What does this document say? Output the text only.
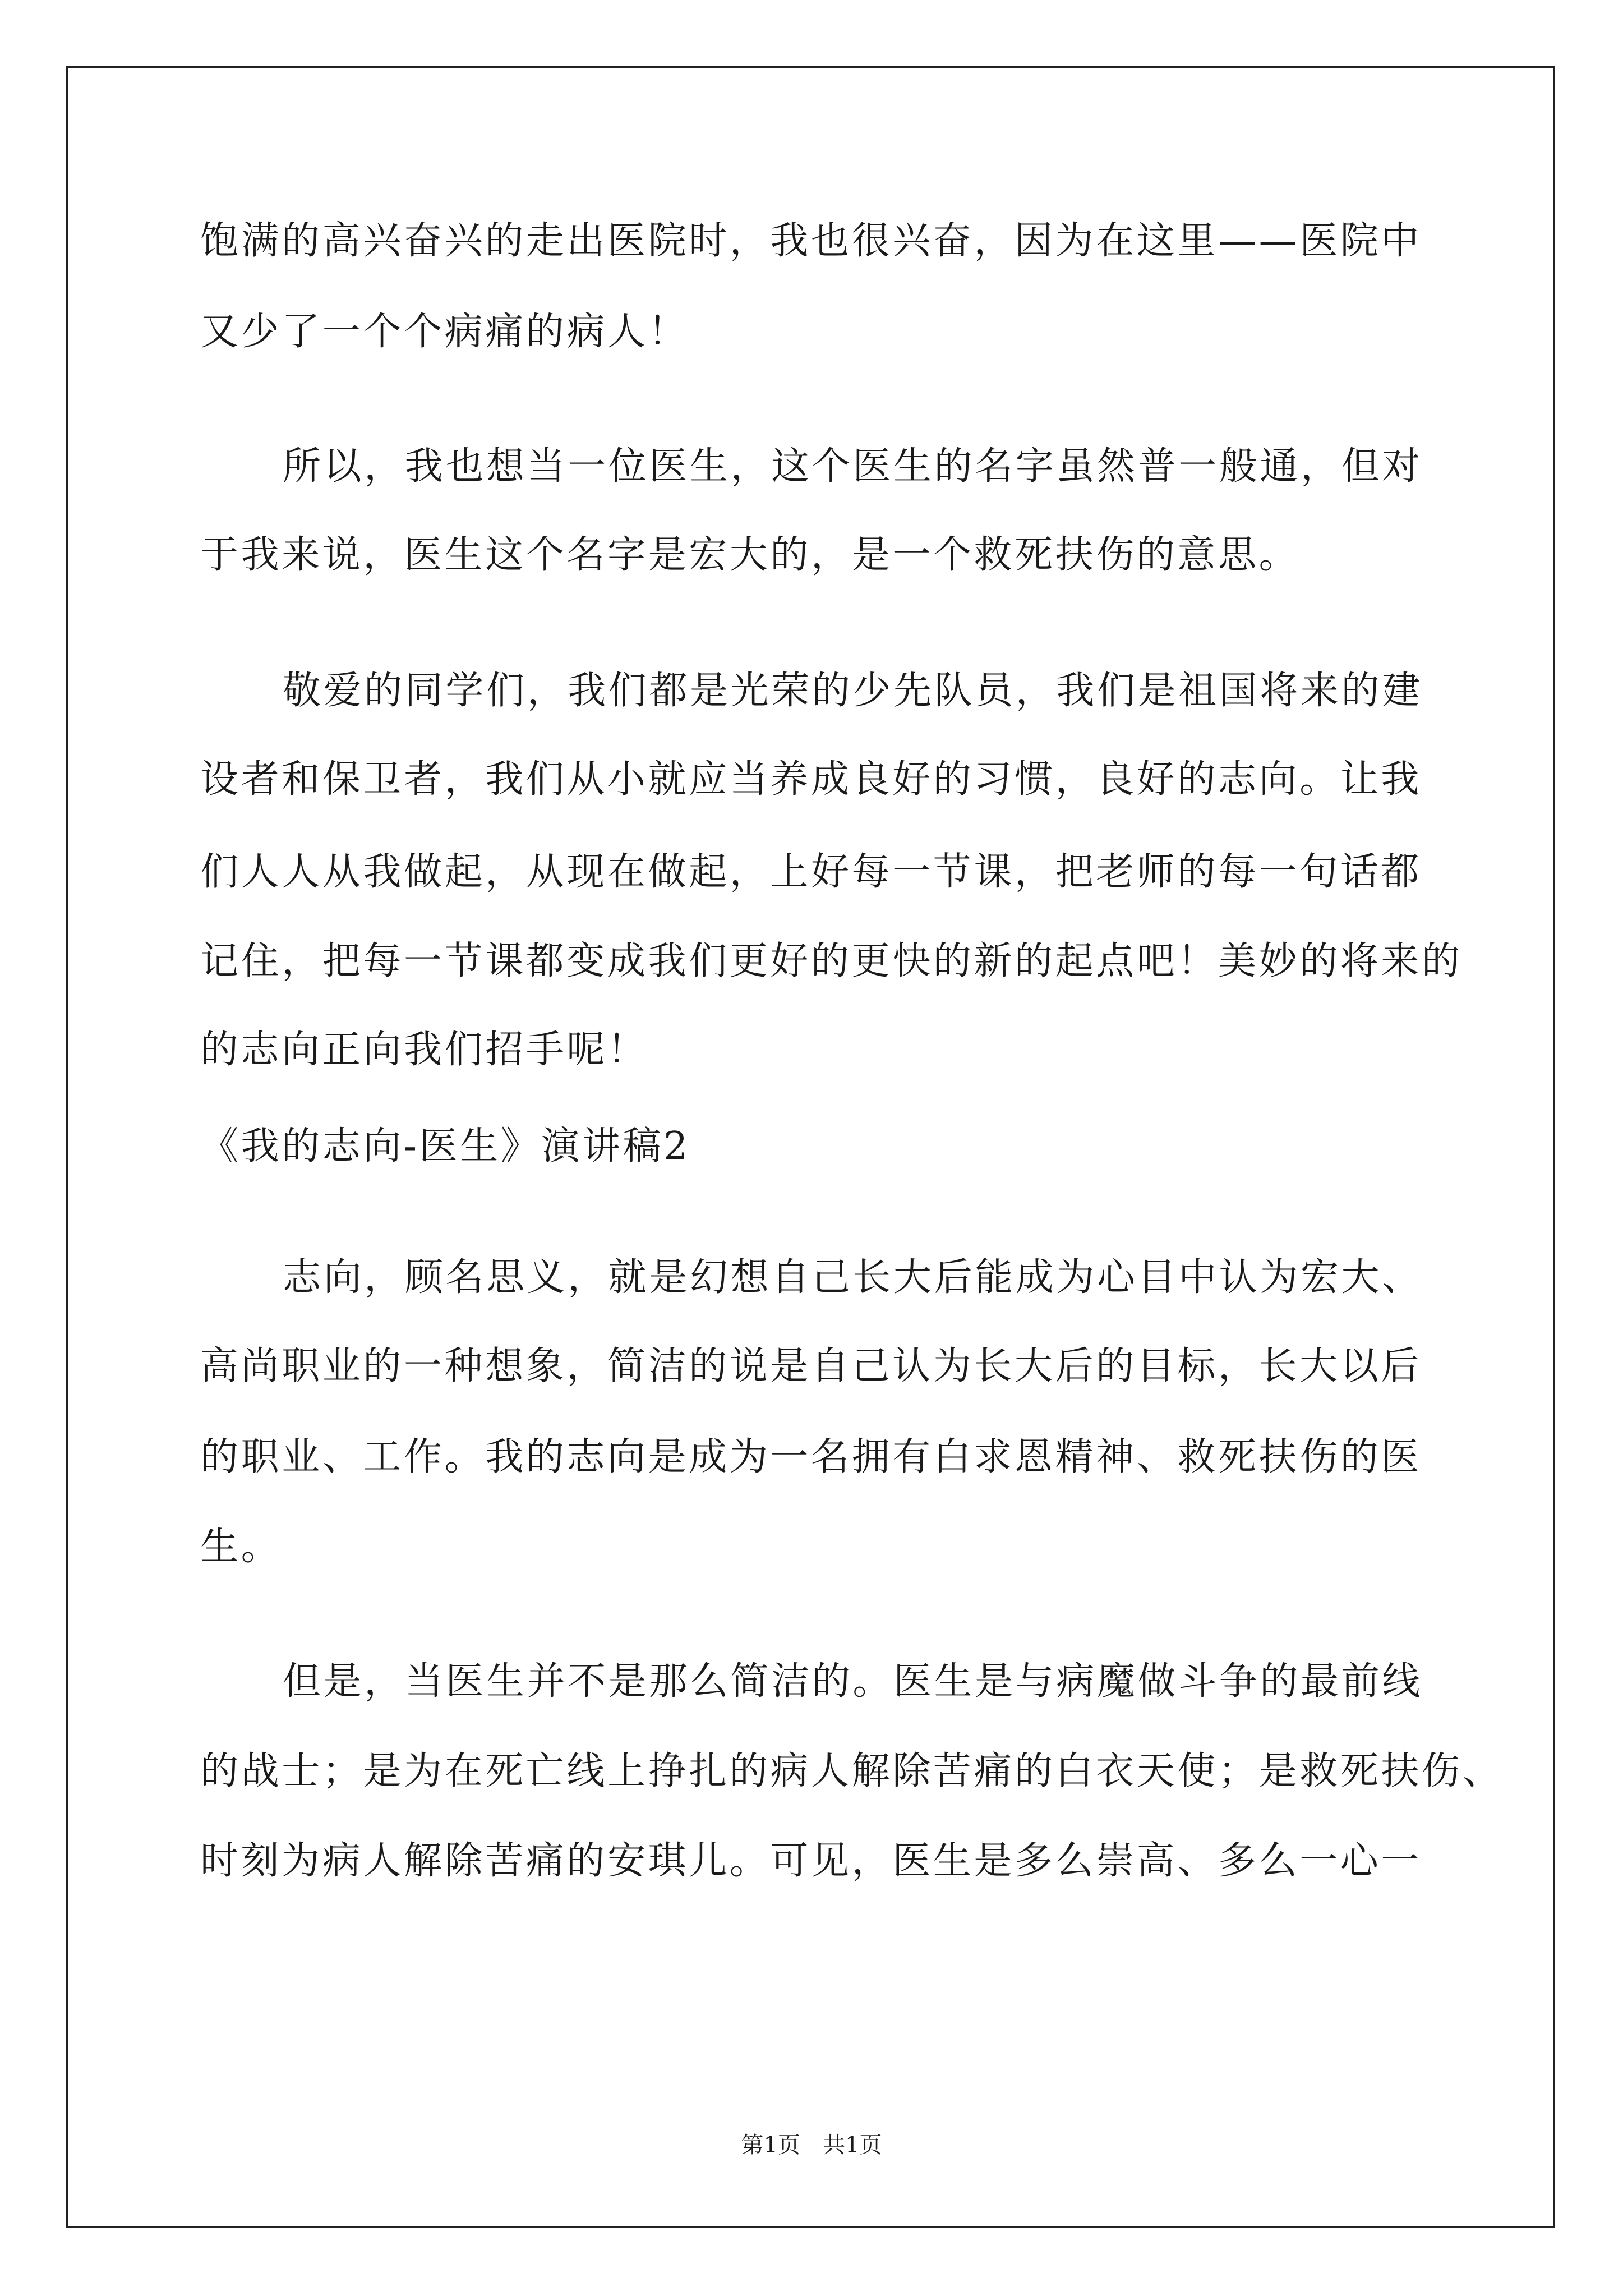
饱满的高兴奋兴的走出医院时，我也很兴奋，因为在这里——医院中
又少了一个个病痛的病人！
所以，我也想当一位医生，这个医生的名字虽然普一般通，但对
于我来说，医生这个名字是宏大的，是一个救死扶伤的意思。
敬爱的同学们，我们都是光荣的少先队员，我们是祖国将来的建
设者和保卫者，我们从小就应当养成良好的习惯，良好的志向。让我
们人人从我做起，从现在做起，上好每一节课，把老师的每一句话都
记住，把每一节课都变成我们更好的更快的新的起点吧！美妙的将来的
的志向正向我们招手呢！
《我的志向-医生》演讲稿2
志向，顾名思义，就是幻想自己长大后能成为心目中认为宏大、
高尚职业的一种想象，简洁的说是自己认为长大后的目标，长大以后
的职业、工作。我的志向是成为一名拥有白求恩精神、救死扶伤的医
生。
但是，当医生并不是那么简洁的。医生是与病魔做斗争的最前线
的战士；是为在死亡线上挣扎的病人解除苦痛的白衣天使；是救死扶伤、
时刻为病人解除苦痛的安琪儿。可见，医生是多么崇高、多么一心一
第1页　共1页
